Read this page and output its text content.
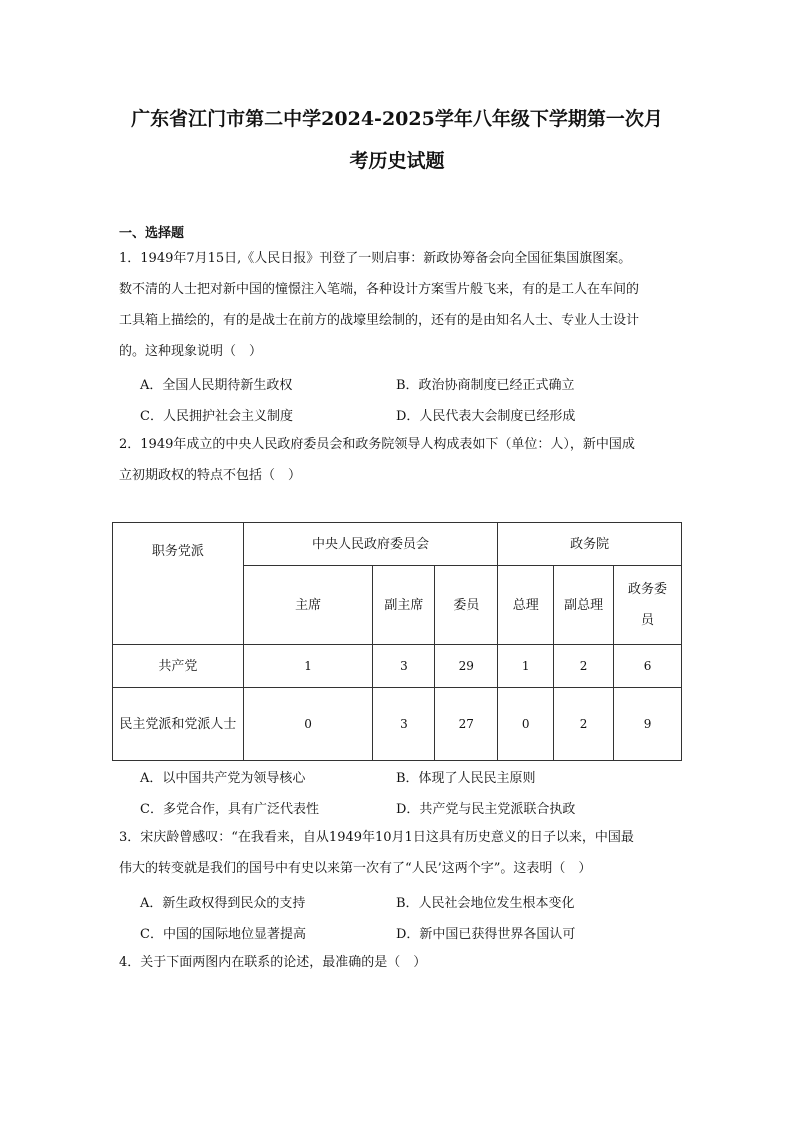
广东省江门市第二中学2024-2025学年八年级下学期第一次月
考历史试题
一、选择题
1．1949年7月15日,《人民日报》刊登了一则启事：新政协筹备会向全国征集国旗图案。
数不清的人士把对新中国的憧憬注入笔端，各种设计方案雪片般飞来，有的是工人在车间的
工具箱上描绘的，有的是战士在前方的战壕里绘制的，还有的是由知名人士、专业人士设计
的。这种现象说明（　）
A．全国人民期待新生政权	B．政治协商制度已经正式确立
C．人民拥护社会主义制度	D．人民代表大会制度已经形成
2．1949年成立的中央人民政府委员会和政务院领导人构成表如下（单位：人），新中国成
立初期政权的特点不包括（　）
职务党派	中央人民政府委员会			政务院		
	主席	副主席	委员	总理	副总理	政务委员
共产党	1	3	29	1	2	6
民主党派和党派人士	0	3	27	0	2	9
A．以中国共产党为领导核心	B．体现了人民民主原则
C．多党合作，具有广泛代表性	D．共产党与民主党派联合执政
3．宋庆龄曾感叹：“在我看来，自从1949年10月1日这具有历史意义的日子以来，中国最
伟大的转变就是我们的国号中有史以来第一次有了“人民’这两个字”。这表明（　）
A．新生政权得到民众的支持	B．人民社会地位发生根本变化
C．中国的国际地位显著提高	D．新中国已获得世界各国认可
4．关于下面两图内在联系的论述，最准确的是（　）
